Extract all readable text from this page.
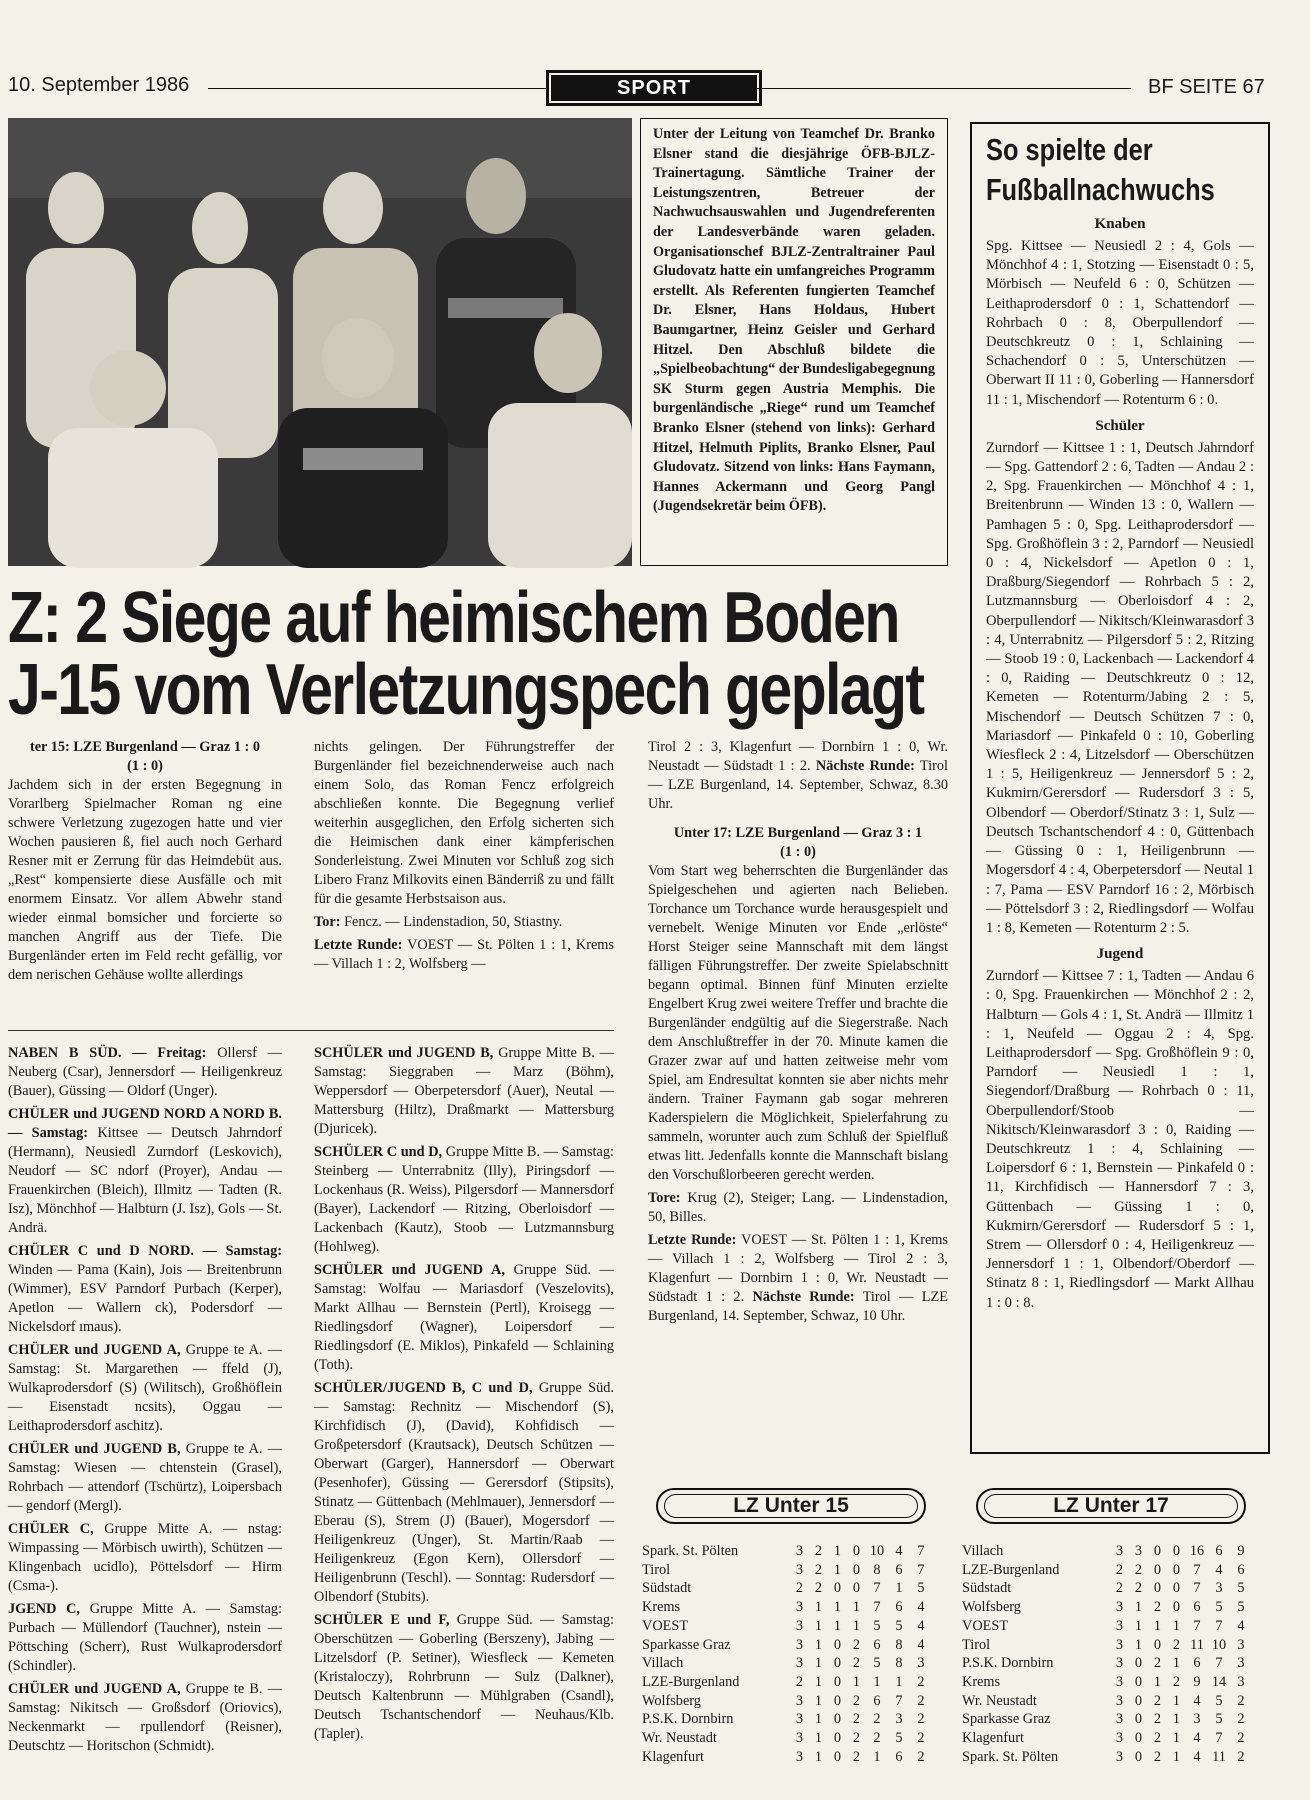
10. September 1986	SPORT	BF SEITE 67
Unter der Leitung von Teamchef Dr. Branko Elsner stand die diesjährige ÖFB-BJLZ-Trainertagung. Sämtliche Trainer der Leistungszentren, Betreuer der Nachwuchsauswahlen und Jugendreferenten der Landesverbände waren geladen. Organisationschef BJLZ-Zentraltrainer Paul Gludovatz hatte ein umfangreiches Programm erstellt. Als Referenten fungierten Teamchef Dr. Elsner, Hans Holdaus, Hubert Baumgartner, Heinz Geisler und Gerhard Hitzel. Den Abschluß bildete die „Spielbeobachtung“ der Bundesligabegegnung SK Sturm gegen Austria Memphis. Die burgenländische „Riege“ rund um Teamchef Branko Elsner (stehend von links): Gerhard Hitzel, Helmuth Piplits, Branko Elsner, Paul Gludovatz. Sitzend von links: Hans Faymann, Hannes Ackermann und Georg Pangl (Jugendsekretär beim ÖFB).
So spielte der
Fußballnachwuchs
Knaben
Spg. Kittsee — Neusiedl 2 : 4, Gols — Mönchhof 4 : 1, Stotzing — Eisenstadt 0 : 5, Mörbisch — Neufeld 6 : 0, Schützen — Leithaprodersdorf 0 : 1, Schattendorf — Rohrbach 0 : 8, Oberpullendorf — Deutschkreutz 0 : 1, Schlaining — Schachendorf 0 : 5, Unterschützen — Oberwart II 11 : 0, Goberling — Hannersdorf 11 : 1, Mischendorf — Rotenturm 6 : 0.
Schüler
Zurndorf — Kittsee 1 : 1, Deutsch Jahrndorf — Spg. Gattendorf 2 : 6, Tadten — Andau 2 : 2, Spg. Frauenkirchen — Mönchhof 4 : 1, Breitenbrunn — Winden 13 : 0, Wallern — Pamhagen 5 : 0, Spg. Leithaprodersdorf — Spg. Großhöflein 3 : 2, Parndorf — Neusiedl 0 : 4, Nickelsdorf — Apetlon 0 : 1, Draßburg/Siegendorf — Rohrbach 5 : 2, Lutzmannsburg — Oberloisdorf 4 : 2, Oberpullendorf — Nikitsch/Kleinwarasdorf 3 : 4, Unterrabnitz — Pilgersdorf 5 : 2, Ritzing — Stoob 19 : 0, Lackenbach — Lackendorf 4 : 0, Raiding — Deutschkreutz 0 : 12, Kemeten — Rotenturm/Jabing 2 : 5, Mischendorf — Deutsch Schützen 7 : 0, Mariasdorf — Pinkafeld 0 : 10, Goberling Wiesfleck 2 : 4, Litzelsdorf — Oberschützen 1 : 5, Heiligenkreuz — Jennersdorf 5 : 2, Kukmirn/Gerersdorf — Rudersdorf 3 : 5, Olbendorf — Oberdorf/Stinatz 3 : 1, Sulz — Deutsch Tschantschendorf 4 : 0, Güttenbach — Güssing 0 : 1, Heiligenbrunn — Mogersdorf 4 : 4, Oberpetersdorf — Neutal 1 : 7, Pama — ESV Parndorf 16 : 2, Mörbisch — Pöttelsdorf 3 : 2, Riedlingsdorf — Wolfau 1 : 8, Kemeten — Rotenturm 2 : 5.
Jugend
Zurndorf — Kittsee 7 : 1, Tadten — Andau 6 : 0, Spg. Frauenkirchen — Mönchhof 2 : 2, Halbturn — Gols 4 : 1, St. Andrä — Illmitz 1 : 1, Neufeld — Oggau 2 : 4, Spg. Leithaprodersdorf — Spg. Großhöflein 9 : 0, Parndorf — Neusiedl 1 : 1, Siegendorf/Draßburg — Rohrbach 0 : 11, Oberpullendorf/Stoob — Nikitsch/Kleinwarasdorf 3 : 0, Raiding — Deutschkreutz 1 : 4, Schlaining — Loipersdorf 6 : 1, Bernstein — Pinkafeld 0 : 11, Kirchfidisch — Hannersdorf 7 : 3, Güttenbach — Güssing 1 : 0, Kukmirn/Gerersdorf — Rudersdorf 5 : 1, Strem — Ollersdorf 0 : 4, Heiligenkreuz — Jennersdorf 1 : 1, Olbendorf/Oberdorf — Stinatz 8 : 1, Riedlingsdorf — Markt Allhau 1 : 0 : 8.
Z: 2 Siege auf heimischem Boden
J-15 vom Verletzungspech geplagt

ter 15: LZE Burgenland — Graz 1 : 0

(1 : 0)

Jachdem sich in der ersten Begegnung in Vorarlberg Spielmacher Roman ng eine schwere Verletzung zugezogen hatte und vier Wochen pausieren ß, fiel auch noch Gerhard Resner mit er Zerrung für das Heimdebüt aus. „Rest“ kompensierte diese Ausfälle och mit enormem Einsatz. Vor allem Abwehr stand wieder einmal bomsicher und forcierte so manchen Angriff aus der Tiefe. Die Burgenländer erten im Feld recht gefällig, vor dem nerischen Gehäuse wollte allerdings

nichts gelingen. Der Führungstreffer der Burgenländer fiel bezeichnenderweise auch nach einem Solo, das Roman Fencz erfolgreich abschließen konnte. Die Begegnung verlief weiterhin ausgeglichen, den Erfolg sicherten sich die Heimischen dank einer kämpferischen Sonderleistung. Zwei Minuten vor Schluß zog sich Libero Franz Milkovits einen Bänderriß zu und fällt für die gesamte Herbstsaison aus.

Tor: Fencz. — Lindenstadion, 50, Stiastny.

Letzte Runde: VOEST — St. Pölten 1 : 1, Krems — Villach 1 : 2, Wolfsberg —

Tirol 2 : 3, Klagenfurt — Dornbirn 1 : 0, Wr. Neustadt — Südstadt 1 : 2. Nächste Runde: Tirol — LZE Burgenland, 14. September, Schwaz, 8.30 Uhr.

Unter 17: LZE Burgenland — Graz 3 : 1

(1 : 0)

Vom Start weg beherrschten die Burgenländer das Spielgeschehen und agierten nach Belieben. Torchance um Torchance wurde herausgespielt und vernebelt. Wenige Minuten vor Ende „erlöste“ Horst Steiger seine Mannschaft mit dem längst fälligen Führungstreffer. Der zweite Spielabschnitt begann optimal. Binnen fünf Minuten erzielte Engelbert Krug zwei weitere Treffer und brachte die Burgenländer endgültig auf die Siegerstraße. Nach dem Anschlußtreffer in der 70. Minute kamen die Grazer zwar auf und hatten zeitweise mehr vom Spiel, am Endresultat konnten sie aber nichts mehr ändern. Trainer Faymann gab sogar mehreren Kaderspielern die Möglichkeit, Spielerfahrung zu sammeln, worunter auch zum Schluß der Spielfluß etwas litt. Jedenfalls konnte die Mannschaft bislang den Vorschußlorbeeren gerecht werden.

Tore: Krug (2), Steiger; Lang. — Lindenstadion, 50, Billes.

Letzte Runde: VOEST — St. Pölten 1 : 1, Krems — Villach 1 : 2, Wolfsberg — Tirol 2 : 3, Klagenfurt — Dornbirn 1 : 0, Wr. Neustadt — Südstadt 1 : 2. Nächste Runde: Tirol — LZE Burgenland, 14. September, Schwaz, 10 Uhr.

NABEN B SÜD. — Freitag: Ollersf — Neuberg (Csar), Jennersdorf — Heiligenkreuz (Bauer), Güssing — Oldorf (Unger).

CHÜLER und JUGEND NORD A NORD B. — Samstag: Kittsee — Deutsch Jahrndorf (Hermann), Neusiedl Zurndorf (Leskovich), Neudorf — SC ndorf (Proyer), Andau — Frauenkirchen (Bleich), Illmitz — Tadten (R. Isz), Mönchhof — Halbturn (J. Isz), Gols — St. Andrä.

CHÜLER C und D NORD. — Samstag: Winden — Pama (Kain), Jois — Breitenbrunn (Wimmer), ESV Parndorf Purbach (Kerper), Apetlon — Wallern ck), Podersdorf — Nickelsdorf ımaus).

CHÜLER und JUGEND A, Gruppe te A. — Samstag: St. Margarethen — ffeld (J), Wulkaprodersdorf (S) (Wilitsch), Großhöflein — Eisenstadt ncsits), Oggau — Leithaprodersdorf aschitz).

CHÜLER und JUGEND B, Gruppe te A. — Samstag: Wiesen — chtenstein (Grasel), Rohrbach — attendorf (Tschürtz), Loipersbach — gendorf (Mergl).

CHÜLER C, Gruppe Mitte A. — nstag: Wimpassing — Mörbisch uwirth), Schützen — Klingenbach ucidlo), Pöttelsdorf — Hirm (Csma-).

JGEND C, Gruppe Mitte A. — Samstag: Purbach — Müllendorf (Tauchner), nstein — Pöttsching (Scherr), Rust Wulkaprodersdorf (Schindler).

CHÜLER und JUGEND A, Gruppe te B. — Samstag: Nikitsch — Großsdorf (Oriovics), Neckenmarkt — rpullendorf (Reisner), Deutschtz — Horitschon (Schmidt).

SCHÜLER und JUGEND B, Gruppe Mitte B. — Samstag: Sieggraben — Marz (Böhm), Weppersdorf — Oberpetersdorf (Auer), Neutal — Mattersburg (Hiltz), Draßmarkt — Mattersburg (Djuricek).

SCHÜLER C und D, Gruppe Mitte B. — Samstag: Steinberg — Unterrabnitz (Illy), Piringsdorf — Lockenhaus (R. Weiss), Pilgersdorf — Mannersdorf (Bayer), Lackendorf — Ritzing, Oberloisdorf — Lackenbach (Kautz), Stoob — Lutzmannsburg (Hohlweg).

SCHÜLER und JUGEND A, Gruppe Süd. — Samstag: Wolfau — Mariasdorf (Veszelovits), Markt Allhau — Bernstein (Pertl), Kroisegg — Riedlingsdorf (Wagner), Loipersdorf — Riedlingsdorf (E. Miklos), Pinkafeld — Schlaining (Toth).

SCHÜLER/JUGEND B, C und D, Gruppe Süd. — Samstag: Rechnitz — Mischendorf (S), Kirchfidisch (J), (David), Kohfidisch — Großpetersdorf (Krautsack), Deutsch Schützen — Oberwart (Garger), Hannersdorf — Oberwart (Pesenhofer), Güssing — Gerersdorf (Stipsits), Stinatz — Güttenbach (Mehlmauer), Jennersdorf — Eberau (S), Strem (J) (Bauer), Mogersdorf — Heiligenkreuz (Unger), St. Martin/Raab — Heiligenkreuz (Egon Kern), Ollersdorf — Heiligenbrunn (Teschl). — Sonntag: Rudersdorf — Olbendorf (Stubits).

SCHÜLER E und F, Gruppe Süd. — Samstag: Oberschützen — Goberling (Berszeny), Jabing — Litzelsdorf (P. Setiner), Wiesfleck — Kemeten (Kristaloczy), Rohrbrunn — Sulz (Dalkner), Deutsch Kaltenbrunn — Mühlgraben (Csandl), Deutsch Tschantschendorf — Neuhaus/Klb. (Tapler).

LZ Unter 15
Spark. St. Pölten	3	2	1	0	10	4	7
Tirol	3	2	1	0	8	6	7
Südstadt	2	2	0	0	7	1	5
Krems	3	1	1	1	7	6	4
VOEST	3	1	1	1	5	5	4
Sparkasse Graz	3	1	0	2	6	8	4
Villach	3	1	0	2	5	8	3
LZE-Burgenland	2	1	0	1	1	1	2
Wolfsberg	3	1	0	2	6	7	2
P.S.K. Dornbirn	3	1	0	2	2	3	2
Wr. Neustadt	3	1	0	2	2	5	2
Klagenfurt	3	1	0	2	1	6	2
LZ Unter 17
Villach	3	3	0	0	16	6	9
LZE-Burgenland	2	2	0	0	7	4	6
Südstadt	2	2	0	0	7	3	5
Wolfsberg	3	1	2	0	6	5	5
VOEST	3	1	1	1	7	7	4
Tirol	3	1	0	2	11	10	3
P.S.K. Dornbirn	3	0	2	1	6	7	3
Krems	3	0	1	2	9	14	3
Wr. Neustadt	3	0	2	1	4	5	2
Sparkasse Graz	3	0	2	1	3	5	2
Klagenfurt	3	0	2	1	4	7	2
Spark. St. Pölten	3	0	2	1	4	11	2
